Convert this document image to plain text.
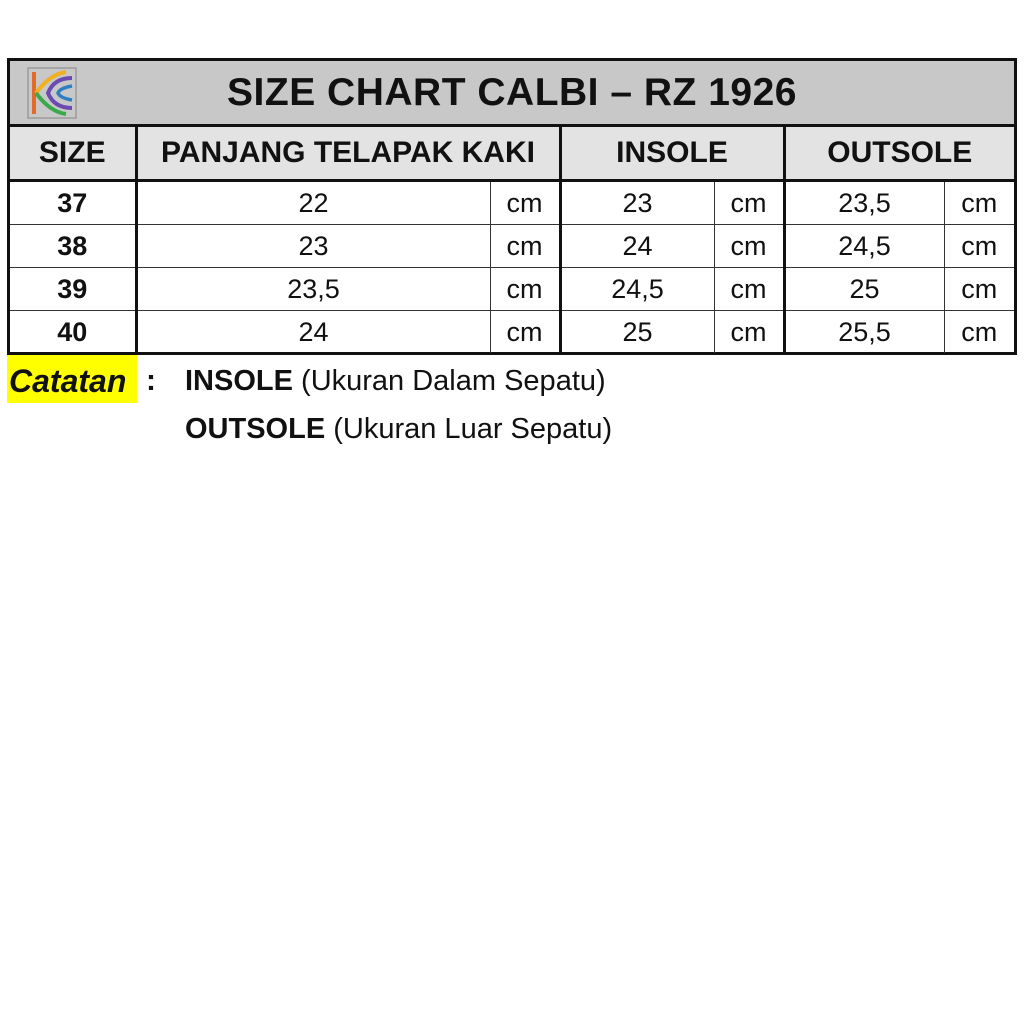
SIZE CHART CALBI – RZ 1926
SIZE	PANJANG TELAPAK KAKI		INSOLE		OUTSOLE	
37	22	cm	23	cm	23,5	cm
38	23	cm	24	cm	24,5	cm
39	23,5	cm	24,5	cm	25	cm
40	24	cm	25	cm	25,5	cm
Catatan : INSOLE (Ukuran Dalam Sepatu)
OUTSOLE (Ukuran Luar Sepatu)
